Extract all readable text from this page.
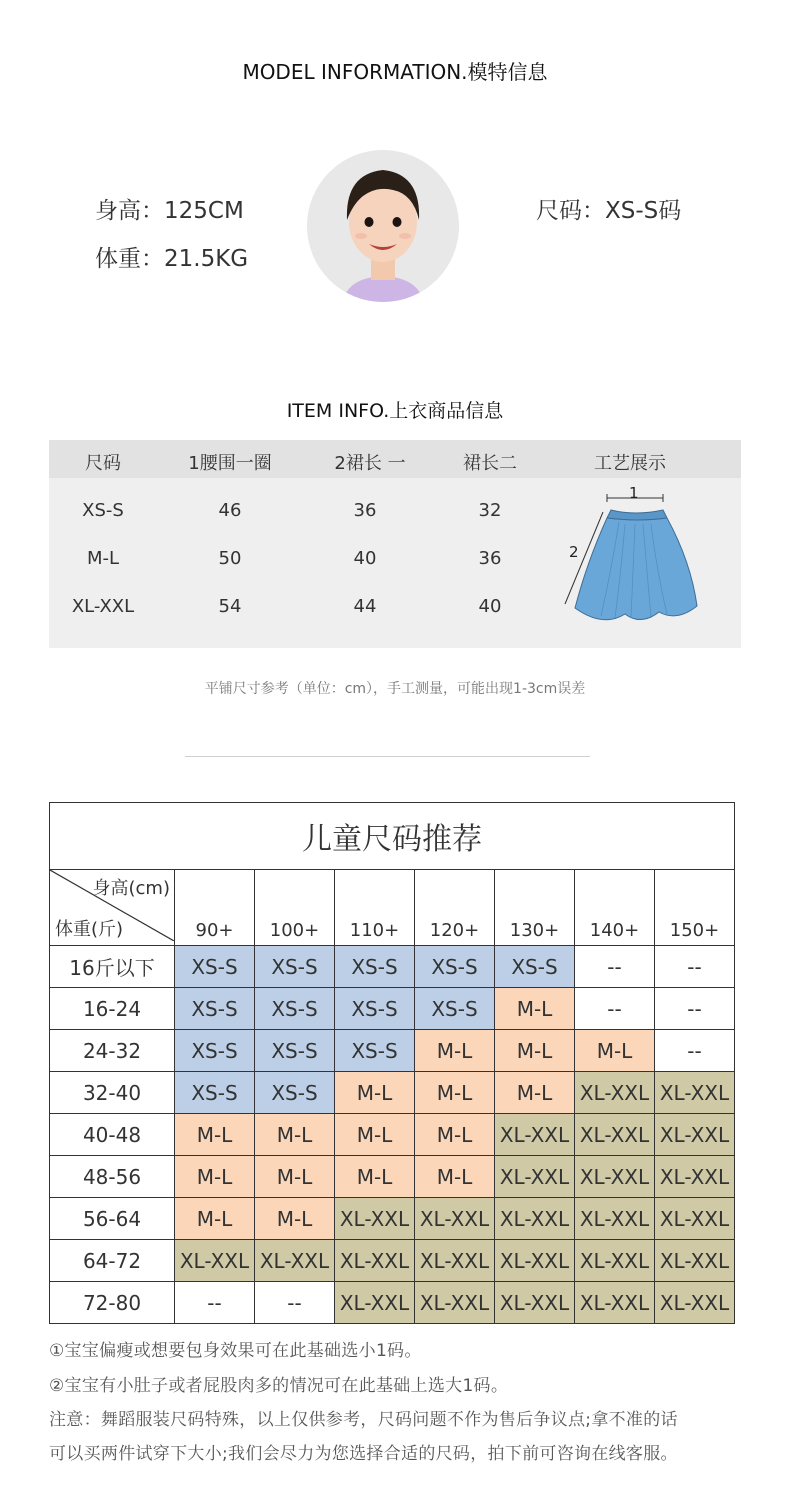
MODEL INFORMATION.模特信息
身高：125CM
体重：21.5KG
尺码：XS-S码
ITEM INFO.上衣商品信息
尺码	1腰围一圈	2裙长 一	裙长二	工艺展示
XS-S	46	36	32
M-L	50	40	36
XL-XXL	54	44	40
1
2
平铺尺寸参考（单位：cm），手工测量，可能出现1-3cm误差
儿童尺码推荐							

身高(cm)
体重(斤)	90+	100+	110+	120+	130+	140+	150+
16斤以下	XS-S	XS-S	XS-S	XS-S	XS-S	--	--
16-24	XS-S	XS-S	XS-S	XS-S	M-L	--	--
24-32	XS-S	XS-S	XS-S	M-L	M-L	M-L	--
32-40	XS-S	XS-S	M-L	M-L	M-L	XL-XXL	XL-XXL
40-48	M-L	M-L	M-L	M-L	XL-XXL	XL-XXL	XL-XXL
48-56	M-L	M-L	M-L	M-L	XL-XXL	XL-XXL	XL-XXL
56-64	M-L	M-L	XL-XXL	XL-XXL	XL-XXL	XL-XXL	XL-XXL
64-72	XL-XXL	XL-XXL	XL-XXL	XL-XXL	XL-XXL	XL-XXL	XL-XXL
72-80	--	--	XL-XXL	XL-XXL	XL-XXL	XL-XXL	XL-XXL
①宝宝偏瘦或想要包身效果可在此基础选小1码。
②宝宝有小肚子或者屁股肉多的情况可在此基础上选大1码。
注意：舞蹈服装尺码特殊，以上仅供参考，尺码问题不作为售后争议点;拿不准的话
可以买两件试穿下大小;我们会尽力为您选择合适的尺码，拍下前可咨询在线客服。
